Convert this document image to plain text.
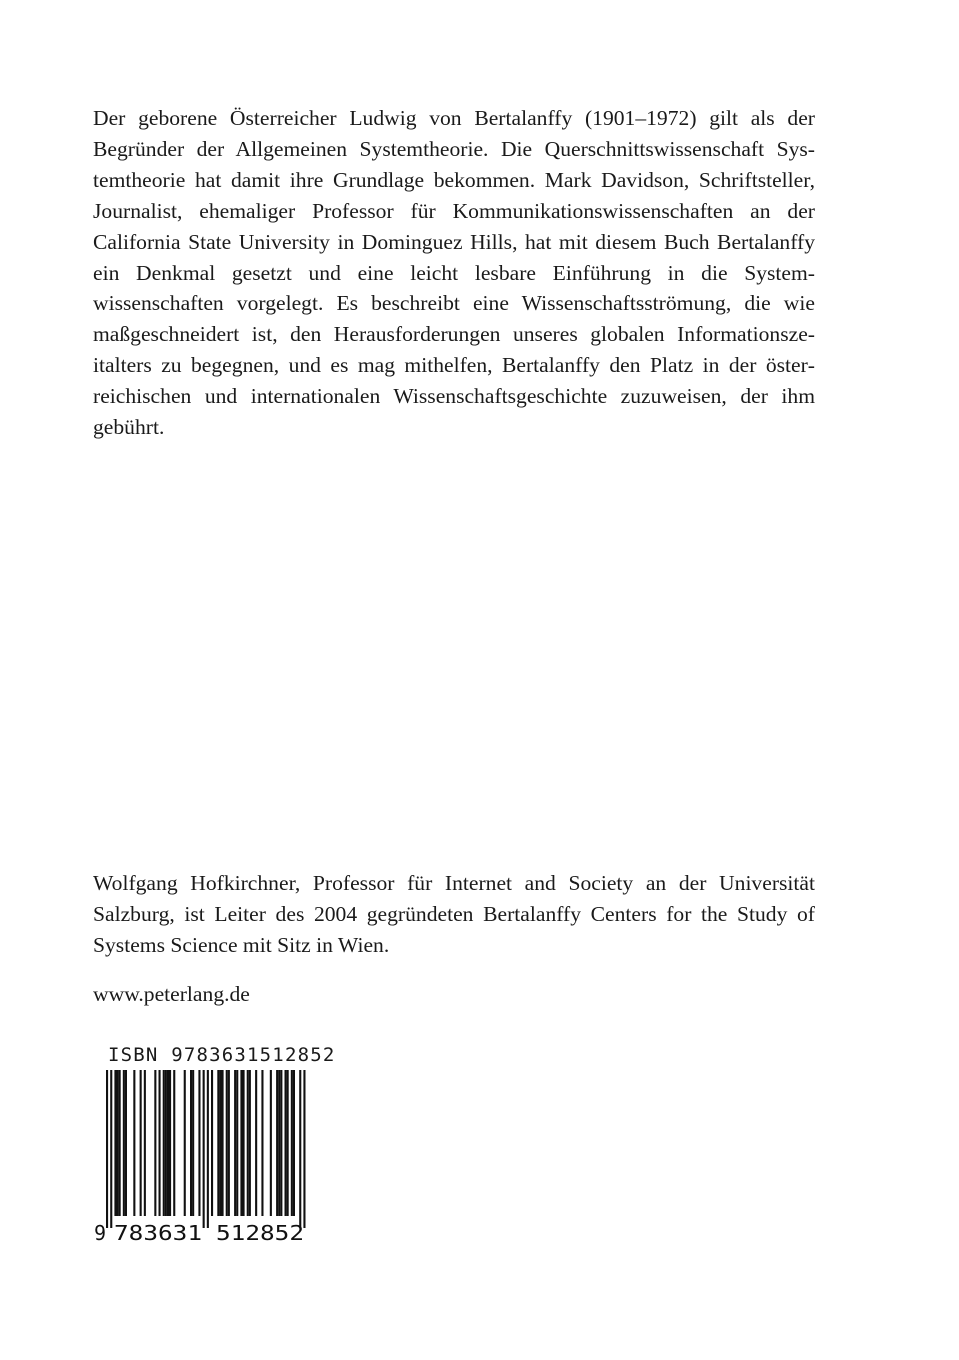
Der geborene Österreicher Ludwig von Bertalanffy (1901–1972) gilt als der Begründer der Allgemeinen Systemtheorie. Die Querschnittswissenschaft Systemtheorie hat damit ihre Grundlage bekommen. Mark Davidson, Schriftsteller, Journalist, ehemaliger Professor für Kommunikationswissenschaften an der California State University in Dominguez Hills, hat mit diesem Buch Bertalanffy ein Denkmal gesetzt und eine leicht lesbare Einführung in die Systemwissenschaften vorgelegt. Es beschreibt eine Wissenschaftsströmung, die wie maßgeschneidert ist, den Herausforderungen unseres globalen Informationszeitalters zu begegnen, und es mag mithelfen, Bertalanffy den Platz in der österreichischen und internationalen Wissenschaftsgeschichte zuzuweisen, der ihm gebührt.

Wolfgang Hofkirchner, Professor für Internet and Society an der Universität Salzburg, ist Leiter des 2004 gegründeten Bertalanffy Centers for the Study of Systems Science mit Sitz in Wien.

www.peterlang.de

ISBN 9783631512852
9 783631 512852
